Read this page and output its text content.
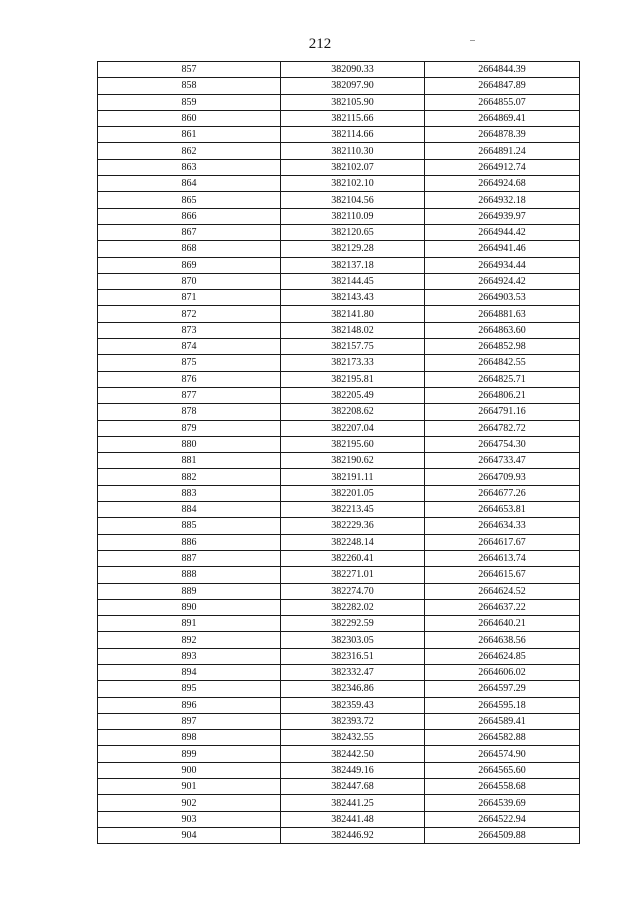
212
857	382090.33	2664844.39
858	382097.90	2664847.89
859	382105.90	2664855.07
860	382115.66	2664869.41
861	382114.66	2664878.39
862	382110.30	2664891.24
863	382102.07	2664912.74
864	382102.10	2664924.68
865	382104.56	2664932.18
866	382110.09	2664939.97
867	382120.65	2664944.42
868	382129.28	2664941.46
869	382137.18	2664934.44
870	382144.45	2664924.42
871	382143.43	2664903.53
872	382141.80	2664881.63
873	382148.02	2664863.60
874	382157.75	2664852.98
875	382173.33	2664842.55
876	382195.81	2664825.71
877	382205.49	2664806.21
878	382208.62	2664791.16
879	382207.04	2664782.72
880	382195.60	2664754.30
881	382190.62	2664733.47
882	382191.11	2664709.93
883	382201.05	2664677.26
884	382213.45	2664653.81
885	382229.36	2664634.33
886	382248.14	2664617.67
887	382260.41	2664613.74
888	382271.01	2664615.67
889	382274.70	2664624.52
890	382282.02	2664637.22
891	382292.59	2664640.21
892	382303.05	2664638.56
893	382316.51	2664624.85
894	382332.47	2664606.02
895	382346.86	2664597.29
896	382359.43	2664595.18
897	382393.72	2664589.41
898	382432.55	2664582.88
899	382442.50	2664574.90
900	382449.16	2664565.60
901	382447.68	2664558.68
902	382441.25	2664539.69
903	382441.48	2664522.94
904	382446.92	2664509.88
